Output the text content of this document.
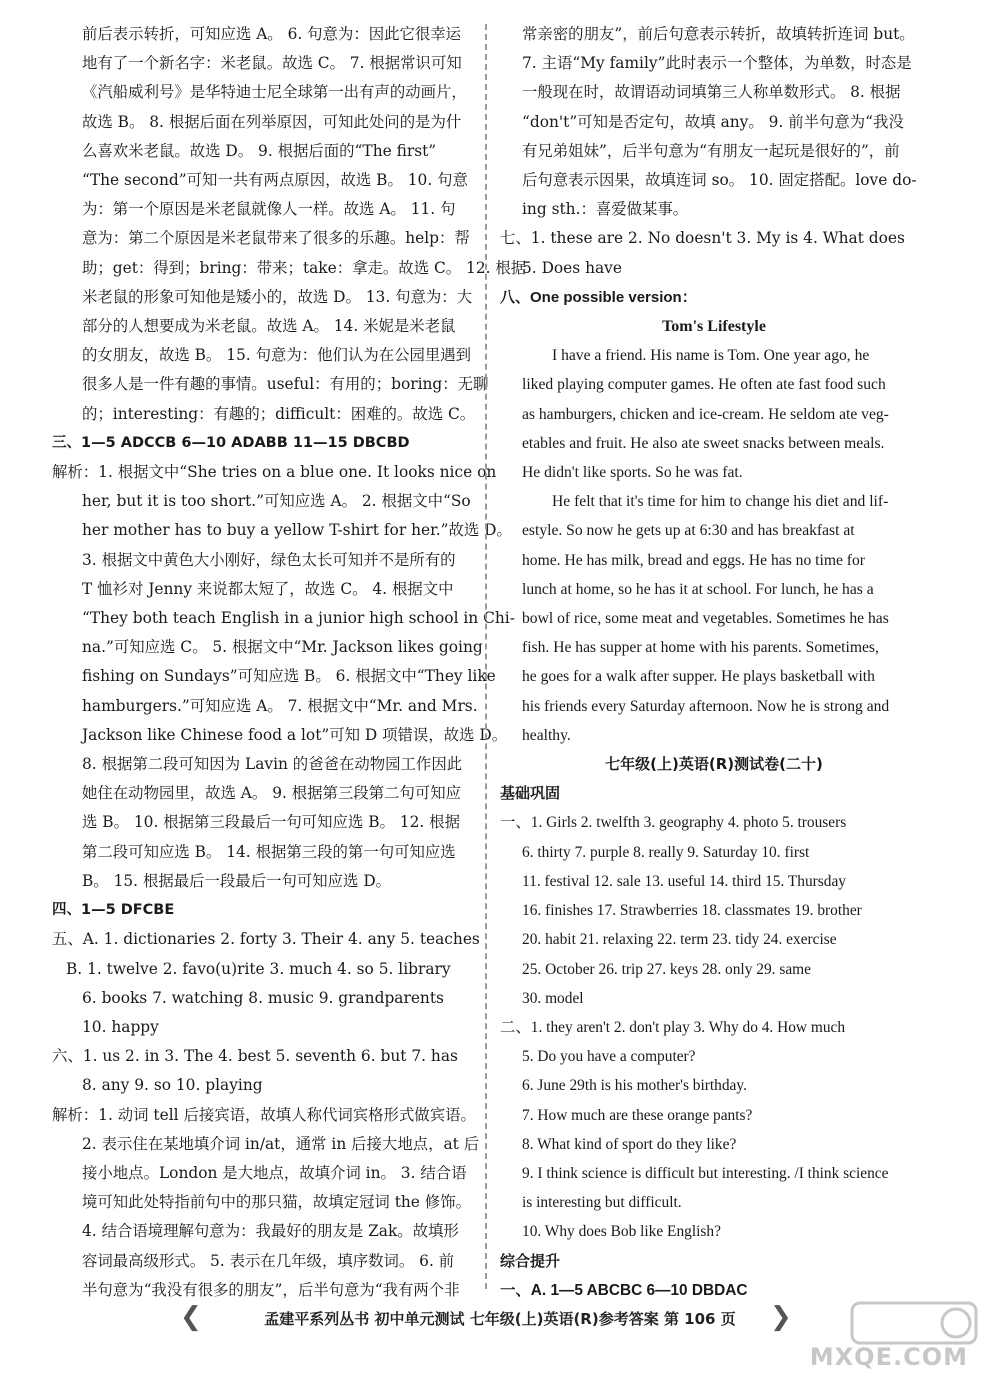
前后表示转折，可知应选 A。 6. 句意为：因此它很幸运

地有了一个新名字：米老鼠。故选 C。 7. 根据常识可知

《汽船威利号》是华特迪士尼全球第一出有声的动画片，

故选 B。 8. 根据后面在列举原因，可知此处问的是为什

么喜欢米老鼠。故选 D。 9. 根据后面的“The first”

“The second”可知一共有两点原因，故选 B。 10. 句意

为：第一个原因是米老鼠就像人一样。故选 A。 11. 句

意为：第二个原因是米老鼠带来了很多的乐趣。help：帮

助；get：得到；bring：带来；take：拿走。故选 C。 12. 根据

米老鼠的形象可知他是矮小的，故选 D。 13. 句意为：大

部分的人想要成为米老鼠。故选 A。 14. 米妮是米老鼠

的女朋友，故选 B。 15. 句意为：他们认为在公园里遇到

很多人是一件有趣的事情。useful：有用的；boring：无聊

的；interesting：有趣的；difficult：困难的。故选 C。

三、1—5 ADCCB 6—10 ADABB 11—15 DBCBD

解析：1. 根据文中“She tries on a blue one. It looks nice on

her, but it is too short.”可知应选 A。 2. 根据文中“So

her mother has to buy a yellow T-shirt for her.”故选 D。

3. 根据文中黄色大小刚好，绿色太长可知并不是所有的

T 恤衫对 Jenny 来说都太短了，故选 C。 4. 根据文中

“They both teach English in a junior high school in Chi-

na.”可知应选 C。 5. 根据文中“Mr. Jackson likes going

fishing on Sundays”可知应选 B。 6. 根据文中“They like

hamburgers.”可知应选 A。 7. 根据文中“Mr. and Mrs.

Jackson like Chinese food a lot”可知 D 项错误，故选 D。

8. 根据第二段可知因为 Lavin 的爸爸在动物园工作因此

她住在动物园里，故选 A。 9. 根据第三段第二句可知应

选 B。 10. 根据第三段最后一句可知应选 B。 12. 根据

第二段可知应选 B。 14. 根据第三段的第一句可知应选

B。 15. 根据最后一段最后一句可知应选 D。

四、1—5 DFCBE

五、A. 1. dictionaries 2. forty 3. Their 4. any 5. teaches

B. 1. twelve 2. favo(u)rite 3. much 4. so 5. library

6. books 7. watching 8. music 9. grandparents

10. happy

六、1. us 2. in 3. The 4. best 5. seventh 6. but 7. has

8. any 9. so 10. playing

解析：1. 动词 tell 后接宾语，故填人称代词宾格形式做宾语。

2. 表示住在某地填介词 in/at，通常 in 后接大地点，at 后

接小地点。London 是大地点，故填介词 in。 3. 结合语

境可知此处特指前句中的那只猫，故填定冠词 the 修饰。

4. 结合语境理解句意为：我最好的朋友是 Zak。故填形

容词最高级形式。 5. 表示在几年级，填序数词。 6. 前

半句意为“我没有很多的朋友”，后半句意为“我有两个非

常亲密的朋友”，前后句意表示转折，故填转折连词 but。

7. 主语“My family”此时表示一个整体，为单数，时态是

一般现在时，故谓语动词填第三人称单数形式。 8. 根据

“don't”可知是否定句，故填 any。 9. 前半句意为“我没

有兄弟姐妹”，后半句意为“有朋友一起玩是很好的”，前

后句意表示因果，故填连词 so。 10. 固定搭配。love do-

ing sth.：喜爱做某事。

七、1. these are 2. No doesn't 3. My is 4. What does

5. Does have

八、One possible version：

Tom's Lifestyle

I have a friend. His name is Tom. One year ago, he

liked playing computer games. He often ate fast food such

as hamburgers, chicken and ice-cream. He seldom ate veg-

etables and fruit. He also ate sweet snacks between meals.

He didn't like sports. So he was fat.

He felt that it's time for him to change his diet and lif-

estyle. So now he gets up at 6:30 and has breakfast at

home. He has milk, bread and eggs. He has no time for

lunch at home, so he has it at school. For lunch, he has a

bowl of rice, some meat and vegetables. Sometimes he has

fish. He has supper at home with his parents. Sometimes,

he goes for a walk after supper. He plays basketball with

his friends every Saturday afternoon. Now he is strong and

healthy.

七年级(上)英语(R)测试卷(二十)

基础巩固

一、1. Girls 2. twelfth 3. geography 4. photo 5. trousers

6. thirty 7. purple 8. really 9. Saturday 10. first

11. festival 12. sale 13. useful 14. third 15. Thursday

16. finishes 17. Strawberries 18. classmates 19. brother

20. habit 21. relaxing 22. term 23. tidy 24. exercise

25. October 26. trip 27. keys 28. only 29. same

30. model

二、1. they aren't 2. don't play 3. Why do 4. How much

5. Do you have a computer?

6. June 29th is his mother's birthday.

7. How much are these orange pants?

8. What kind of sport do they like?

9. I think science is difficult but interesting. /I think science

is interesting but difficult.

10. Why does Bob like English?

综合提升

一、A. 1—5 ABCBC 6—10 DBDAC

❮	孟建平系列丛书 初中单元测试 七年级(上)英语(R)参考答案 第 106 页	❯
MXQE.COM
